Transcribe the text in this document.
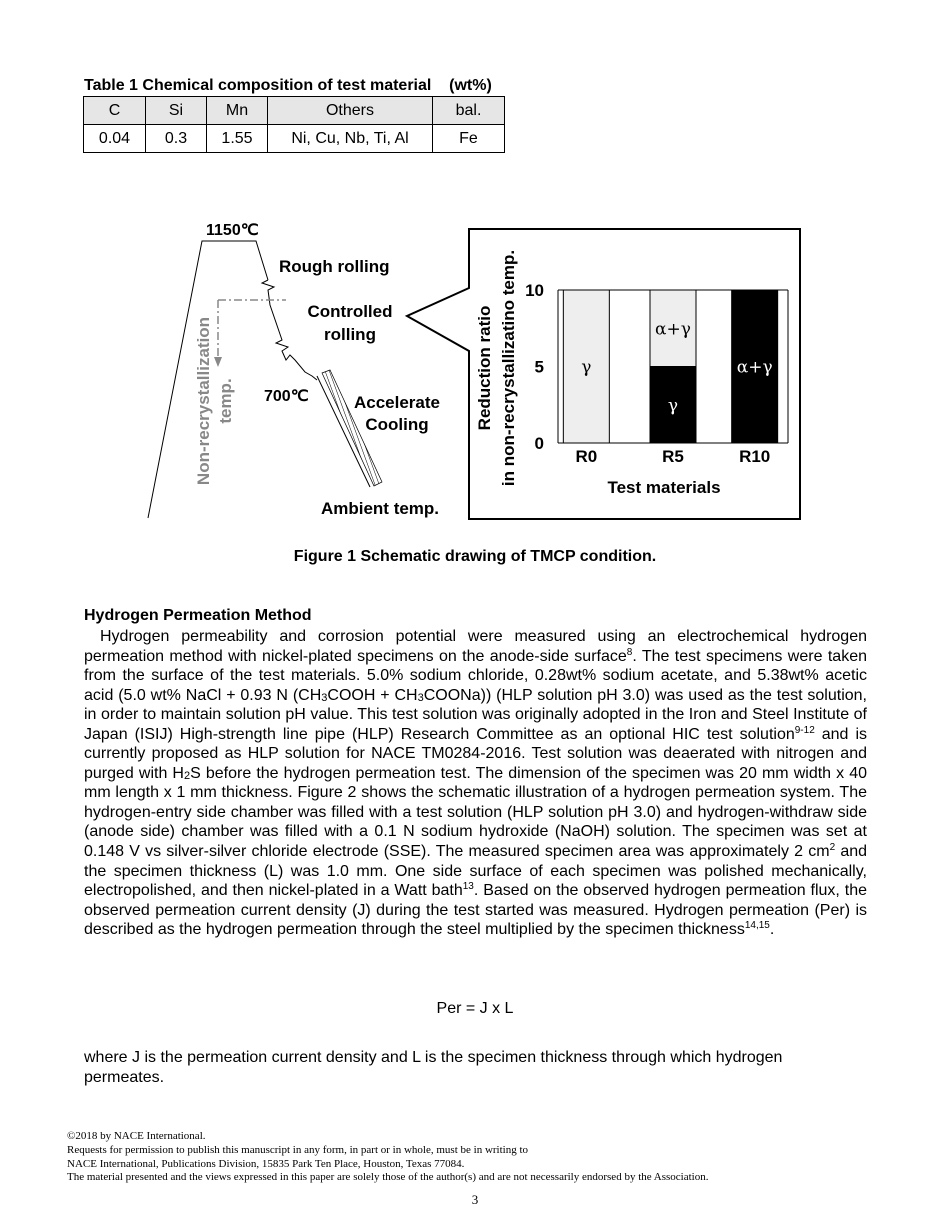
Table 1 Chemical composition of test material    (wt%)
C	Si	Mn	Others	bal.
0.04	0.3	1.55	Ni, Cu, Nb, Ti, Al	Fe
1150℃
Rough rolling
Controlled
rolling
700℃	Accelerate
Cooling
Ambient temp.
Non-recrystallization temp.
0
5
10
γ
R0
γ
α+γ
R5
α+γ
R10
Reduction ratio in non-recrystallizatino temp.
Test materials
Figure 1 Schematic drawing of TMCP condition.
Hydrogen Permeation Method
Hydrogen permeability and corrosion potential were measured using an electrochemical hydrogen permeation method with nickel-plated specimens on the anode-side surface$^8$. The test specimens were taken from the surface of the test materials. 5.0% sodium chloride, 0.28wt% sodium acetate, and 5.38wt% acetic acid (5.0 wt% NaCl + 0.93 N ($CH_3COOH$ + $CH_3COONa$)) (HLP solution pH 3.0) was used as the test solution, in order to maintain solution pH value. This test solution was originally adopted in the Iron and Steel Institute of Japan (ISIJ) High-strength line pipe (HLP) Research Committee as an optional HIC test solution$^{9-12}$ and is currently proposed as HLP solution for NACE TM0284-2016. Test solution was deaerated with nitrogen and purged with $H_2S$ before the hydrogen permeation test. The dimension of the specimen was 20 mm width x 40 mm length x 1 mm thickness. Figure 2 shows the schematic illustration of a hydrogen permeation system. The hydrogen-entry side chamber was filled with a test solution (HLP solution pH 3.0) and hydrogen-withdraw side (anode side) chamber was filled with a 0.1 N sodium hydroxide (NaOH) solution. The specimen was set at 0.148 V vs silver-silver chloride electrode (SSE). The measured specimen area was approximately 2 $cm^2$ and the specimen thickness (L) was 1.0 mm. One side surface of each specimen was polished mechanically, electropolished, and then nickel-plated in a Watt bath$^{13}$. Based on the observed hydrogen permeation flux, the observed permeation current density (J) during the test started was measured. Hydrogen permeation (Per) is described as the hydrogen permeation through the steel multiplied by the specimen thickness$^{14,15}$.
Per = J x L
where J is the permeation current density and L is the specimen thickness through which hydrogen permeates.
©2018 by NACE International.
Requests for permission to publish this manuscript in any form, in part or in whole, must be in writing to
NACE International, Publications Division, 15835 Park Ten Place, Houston, Texas 77084.
The material presented and the views expressed in this paper are solely those of the author(s) and are not necessarily endorsed by the Association.
3
